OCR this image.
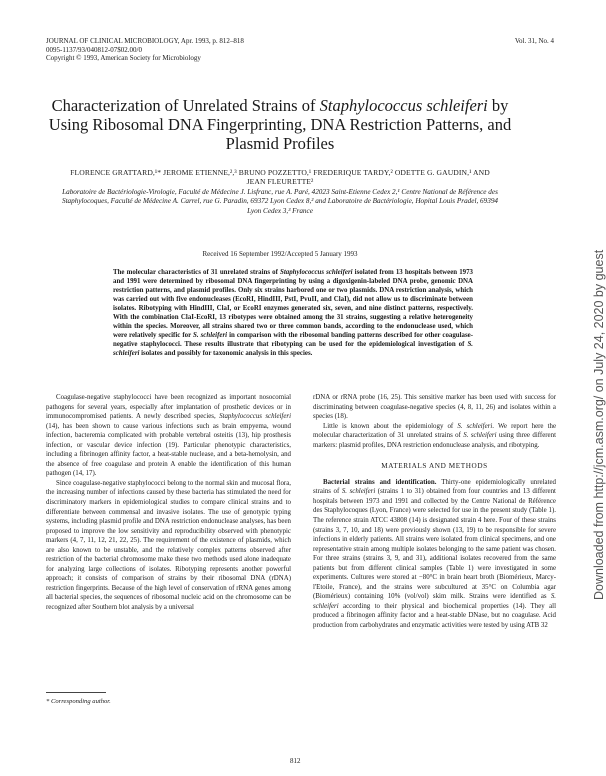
JOURNAL OF CLINICAL MICROBIOLOGY, Apr. 1993, p. 812–818
0095-1137/93/040812-07$02.00/0
Copyright © 1993, American Society for Microbiology
Vol. 31, No. 4
Characterization of Unrelated Strains of Staphylococcus schleiferi by Using Ribosomal DNA Fingerprinting, DNA Restriction Patterns, and Plasmid Profiles
FLORENCE GRATTARD,¹* JEROME ETIENNE,²,³ BRUNO POZZETTO,¹ FREDERIQUE TARDY,² ODETTE G. GAUDIN,¹ AND JEAN FLEURETTE²
Laboratoire de Bactériologie-Virologie, Faculté de Médecine J. Lisfranc, rue A. Paré, 42023 Saint-Etienne Cedex 2,¹ Centre National de Référence des Staphylocoques, Faculté de Médecine A. Carrel, rue G. Paradin, 69372 Lyon Cedex 8,² and Laboratoire de Bactériologie, Hopital Louis Pradel, 69394 Lyon Cedex 3,³ France
Received 16 September 1992/Accepted 5 January 1993
The molecular characteristics of 31 unrelated strains of Staphylococcus schleiferi isolated from 13 hospitals between 1973 and 1991 were determined by ribosomal DNA fingerprinting by using a digoxigenin-labeled DNA probe, genomic DNA restriction patterns, and plasmid profiles. Only six strains harbored one or two plasmids. DNA restriction analysis, which was carried out with five endonucleases (EcoRI, HindIII, PstI, PvuII, and ClaI), did not allow us to discriminate between isolates. Ribotyping with HindIII, ClaI, or EcoRI enzymes generated six, seven, and nine distinct patterns, respectively. With the combination ClaI-EcoRI, 13 ribotypes were obtained among the 31 strains, suggesting a relative heterogeneity within the species. Moreover, all strains shared two or three common bands, according to the endonuclease used, which were relatively specific for S. schleiferi in comparison with the ribosomal banding patterns described for other coagulase-negative staphylococci. These results illustrate that ribotyping can be used for the epidemiological investigation of S. schleiferi isolates and possibly for taxonomic analysis in this species.

Coagulase-negative staphylococci have been recognized as important nosocomial pathogens for several years, especially after implantation of prosthetic devices or in immunocompromised patients. A newly described species, Staphylococcus schleiferi (14), has been shown to cause various infections such as brain empyema, wound infection, bacteremia complicated with probable vertebral osteitis (13), hip prosthesis infection, or vascular device infection (19). Particular phenotypic characteristics, including a fibrinogen affinity factor, a heat-stable nuclease, and a beta-hemolysin, and the absence of free coagulase and protein A enable the identification of this human pathogen (14, 17).

Since coagulase-negative staphylococci belong to the normal skin and mucosal flora, the increasing number of infections caused by these bacteria has stimulated the need for discriminatory markers in epidemiological studies to compare clinical strains and to differentiate between commensal and invasive isolates. The use of genotypic typing systems, including plasmid profile and DNA restriction endonuclease analyses, has been proposed to improve the low sensitivity and reproducibility observed with phenotypic markers (4, 7, 11, 12, 21, 22, 25). The requirement of the existence of plasmids, which are also known to be unstable, and the relatively complex patterns observed after restriction of the bacterial chromosome make these two methods used alone inadequate for analyzing large collections of isolates. Ribotyping represents another powerful approach; it consists of comparison of strains by their ribosomal DNA (rDNA) restriction fingerprints. Because of the high level of conservation of rRNA genes among all bacterial species, the sequences of ribosomal nucleic acid on the chromosome can be recognized after Southern blot analysis by a universal

rDNA or rRNA probe (16, 25). This sensitive marker has been used with success for discriminating between coagulase-negative species (4, 8, 11, 26) and isolates within a species (18).

Little is known about the epidemiology of S. schleiferi. We report here the molecular characterization of 31 unrelated strains of S. schleiferi using three different markers: plasmid profiles, DNA restriction endonuclease analysis, and ribotyping.

MATERIALS AND METHODS

Bacterial strains and identification. Thirty-one epidemiologically unrelated strains of S. schleiferi (strains 1 to 31) obtained from four countries and 13 different hospitals between 1973 and 1991 and collected by the Centre National de Référence des Staphylocoques (Lyon, France) were selected for use in the present study (Table 1). The reference strain ATCC 43808 (14) is designated strain 4 here. Four of these strains (strains 3, 7, 10, and 18) were previously shown (13, 19) to be responsible for severe infections in elderly patients. All strains were isolated from clinical specimens, and one representative strain among multiple isolates belonging to the same patient was chosen. For three strains (strains 3, 9, and 31), additional isolates recovered from the same patients but from different clinical samples (Table 1) were investigated in some experiments. Cultures were stored at −80°C in brain heart broth (Biomérieux, Marcy-l'Etoile, France), and the strains were subcultured at 35°C on Columbia agar (Biomérieux) containing 10% (vol/vol) skim milk. Strains were identified as S. schleiferi according to their physical and biochemical properties (14). They all produced a fibrinogen affinity factor and a heat-stable DNase, but no coagulase. Acid production from carbohydrates and enzymatic activities were tested by using ATB 32

* Corresponding author.
812
Downloaded from http://jcm.asm.org/ on July 24, 2020 by guest
